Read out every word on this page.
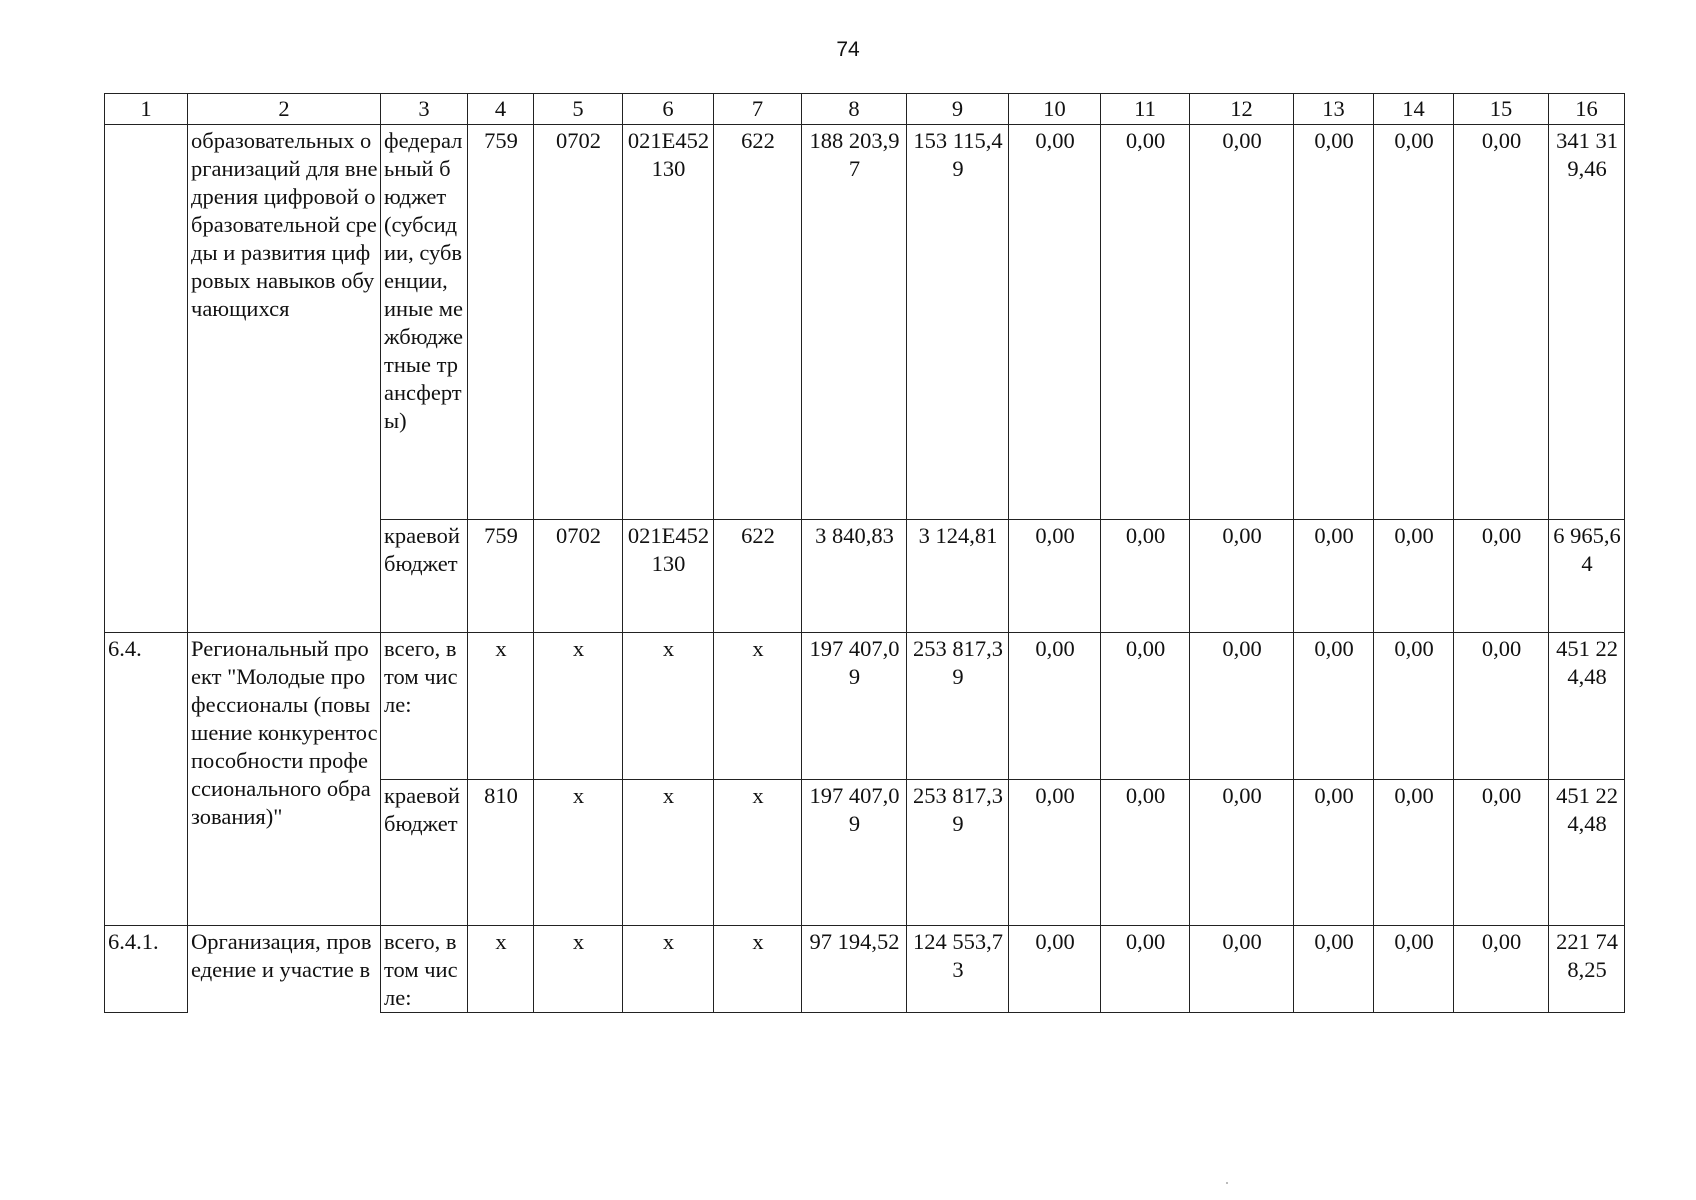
74
1	2	3	4	5	6	7	8	9	10	11	12	13	14	15	16
	образовательных организаций для внедрения цифровой образовательной среды и развития цифровых навыков обучающихся	федеральный бюджет (субсидии, субвенции, иные межбюджетные трансферты)	759	0702	021E452130	622	188 203,97	153 115,49	0,00	0,00	0,00	0,00	0,00	0,00	341 319,46
		краевой бюджет	759	0702	021E452130	622	3 840,83	3 124,81	0,00	0,00	0,00	0,00	0,00	0,00	6 965,64
6.4.	Региональный проект "Молодые профессионалы (повышение конкурентоспособности профессионального образования)"	всего, в том числе:	x	x	x	x	197 407,09	253 817,39	0,00	0,00	0,00	0,00	0,00	0,00	451 224,48
		краевой бюджет	810	x	x	x	197 407,09	253 817,39	0,00	0,00	0,00	0,00	0,00	0,00	451 224,48
6.4.1.	Организация, проведение и участие в	всего, в том числе:	x	x	x	x	97 194,52	124 553,73	0,00	0,00	0,00	0,00	0,00	0,00	221 748,25
